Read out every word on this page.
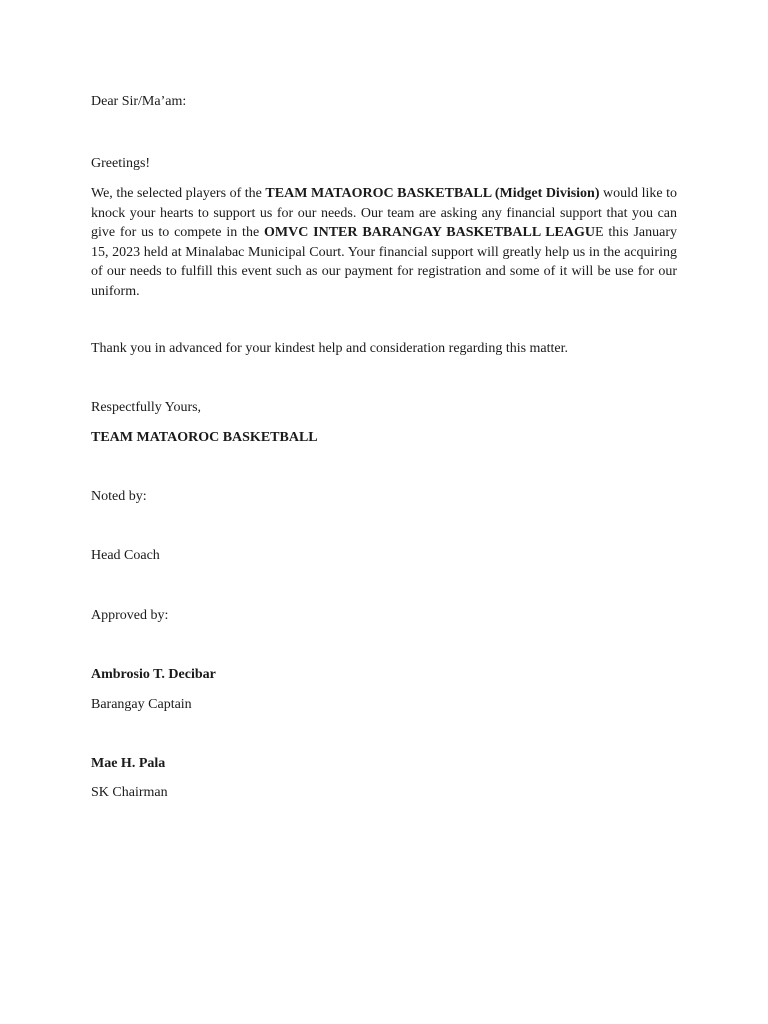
Dear Sir/Ma’am:
Greetings!
We, the selected players of the TEAM MATAOROC BASKETBALL (Midget Division) would like to knock your hearts to support us for our needs. Our team are asking any financial support that you can give for us to compete in the OMVC INTER BARANGAY BASKETBALL LEAGUE this January 15, 2023 held at Minalabac Municipal Court. Your financial support will greatly help us in the acquiring of our needs to fulfill this event such as our payment for registration and some of it will be use for our uniform.
Thank you in advanced for your kindest help and consideration regarding this matter.
Respectfully Yours,
TEAM MATAOROC BASKETBALL
Noted by:
Head Coach
Approved by:
Ambrosio T. Decibar
Barangay Captain
Mae H. Pala
SK Chairman
